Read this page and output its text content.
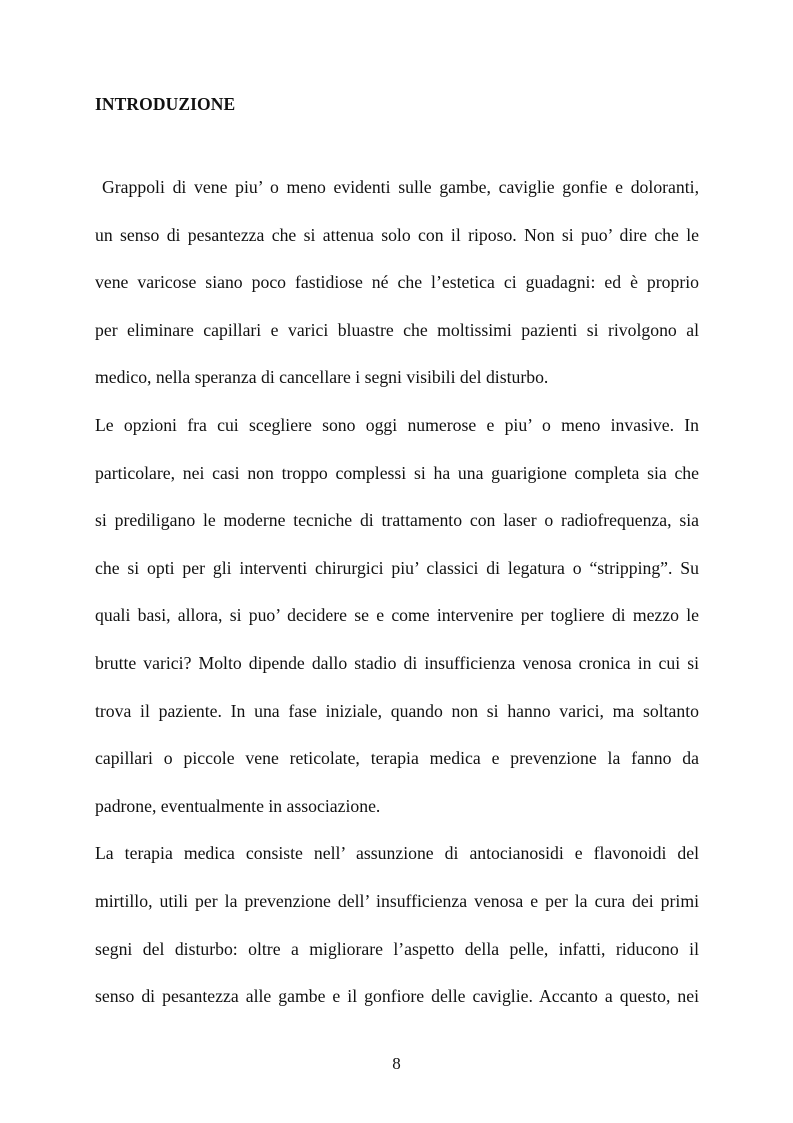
INTRODUZIONE
Grappoli di vene piu’ o meno evidenti sulle gambe, caviglie gonfie e doloranti,
un senso di pesantezza che si attenua solo con il riposo. Non si puo’ dire che le
vene varicose siano poco fastidiose né che l’estetica ci guadagni: ed è proprio
per eliminare capillari e varici bluastre che moltissimi pazienti si rivolgono al
medico, nella speranza di cancellare i segni visibili del disturbo.
Le opzioni fra cui scegliere sono oggi numerose e piu’ o meno invasive. In
particolare, nei casi non troppo complessi si ha una guarigione completa sia che
si prediligano le moderne tecniche di trattamento con laser o radiofrequenza, sia
che si opti per gli interventi chirurgici piu’ classici di legatura o “stripping”. Su
quali basi, allora, si puo’ decidere se e come intervenire per togliere di mezzo le
brutte varici? Molto dipende dallo stadio di insufficienza venosa cronica in cui si
trova il paziente. In una fase iniziale, quando non si hanno varici, ma soltanto
capillari o piccole vene reticolate, terapia medica e prevenzione la fanno da
padrone, eventualmente in associazione.
La terapia medica consiste nell’ assunzione di antocianosidi e flavonoidi del
mirtillo, utili per la prevenzione dell’ insufficienza venosa e per la cura dei primi
segni del disturbo: oltre a migliorare l’aspetto della pelle, infatti, riducono il
senso di pesantezza alle gambe e il gonfiore delle caviglie. Accanto a questo, nei

8
